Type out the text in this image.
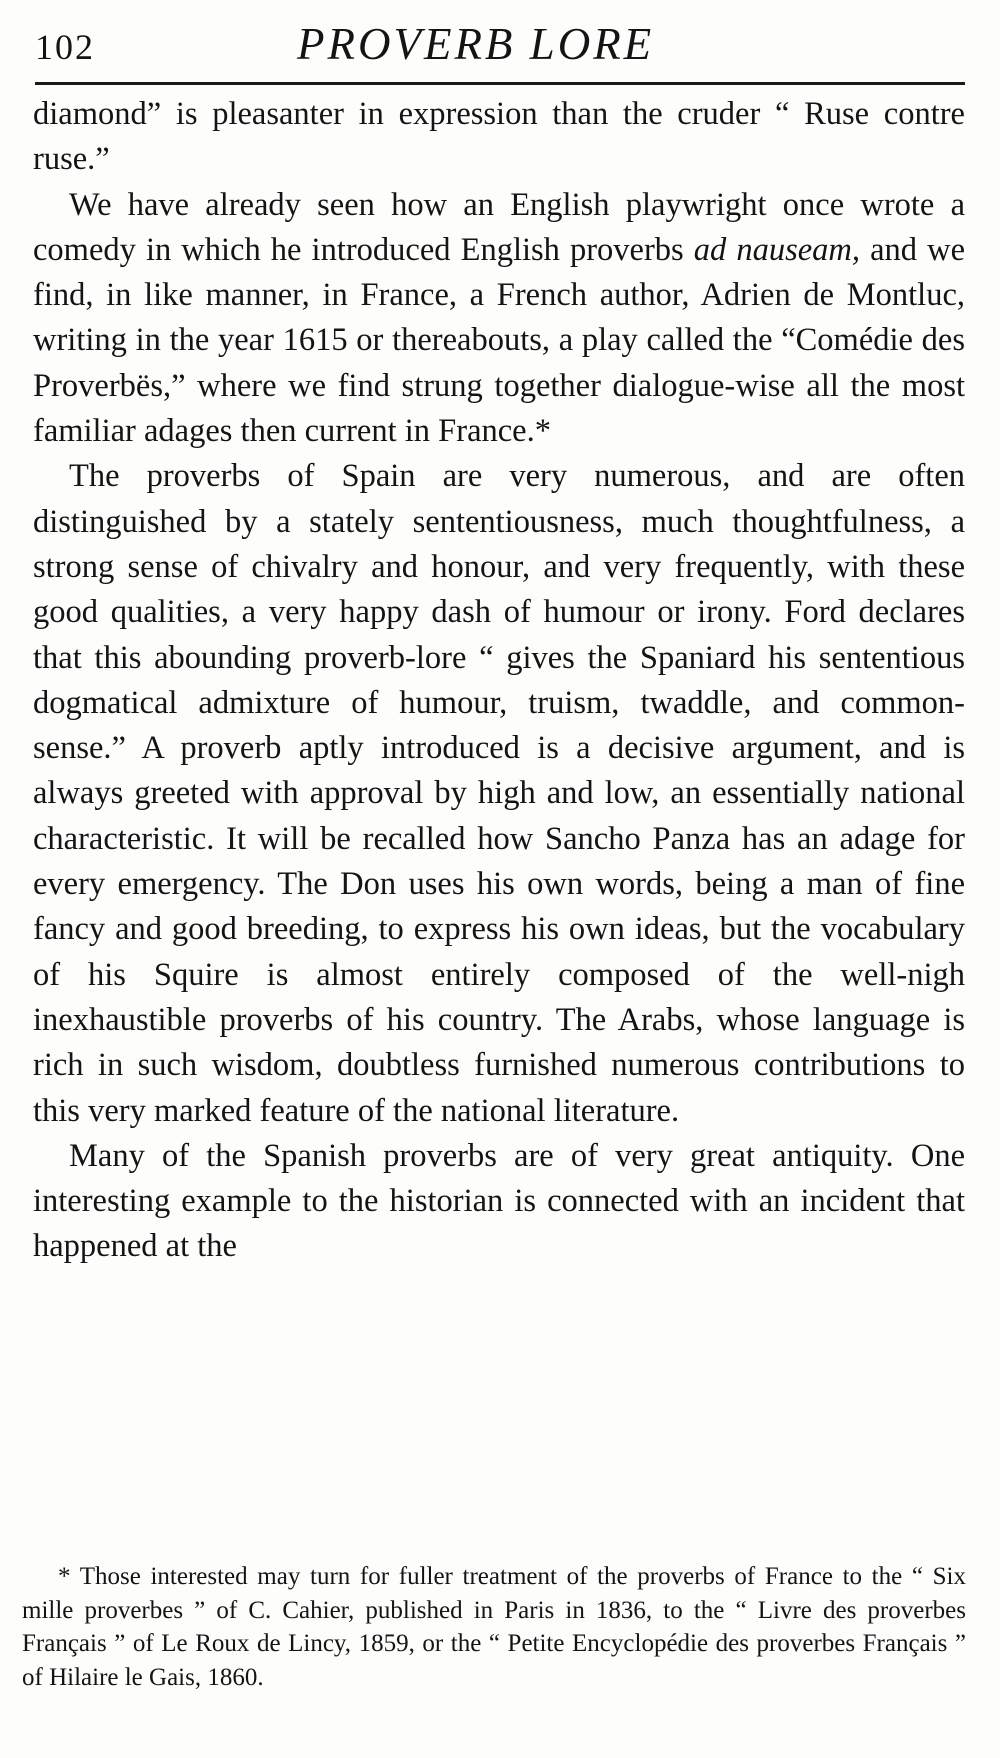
102	PROVERB LORE

diamond” is pleasanter in expression than the cruder “ Ruse contre ruse.”

We have already seen how an English playwright once wrote a comedy in which he introduced English proverbs ad nauseam, and we find, in like manner, in France, a French author, Adrien de Montluc, writing in the year 1615 or thereabouts, a play called the “Comédie des Proverbës,” where we find strung together dialogue-wise all the most familiar adages then current in France.*

The proverbs of Spain are very numerous, and are often distinguished by a stately sententiousness, much thoughtfulness, a strong sense of chivalry and honour, and very frequently, with these good qualities, a very happy dash of humour or irony. Ford declares that this abounding proverb-lore “ gives the Spaniard his sententious dogmatical admixture of humour, truism, twaddle, and common-sense.” A proverb aptly introduced is a decisive argument, and is always greeted with approval by high and low, an essentially national characteristic. It will be recalled how Sancho Panza has an adage for every emergency. The Don uses his own words, being a man of fine fancy and good breeding, to express his own ideas, but the vocabulary of his Squire is almost entirely composed of the well-nigh inexhaustible proverbs of his country. The Arabs, whose language is rich in such wisdom, doubtless furnished numerous contributions to this very marked feature of the national literature.

Many of the Spanish proverbs are of very great antiquity. One interesting example to the historian is connected with an incident that happened at the

* Those interested may turn for fuller treatment of the proverbs of France to the “ Six mille proverbes ” of C. Cahier, published in Paris in 1836, to the “ Livre des proverbes Français ” of Le Roux de Lincy, 1859, or the “ Petite Encyclopédie des proverbes Français ” of Hilaire le Gais, 1860.
